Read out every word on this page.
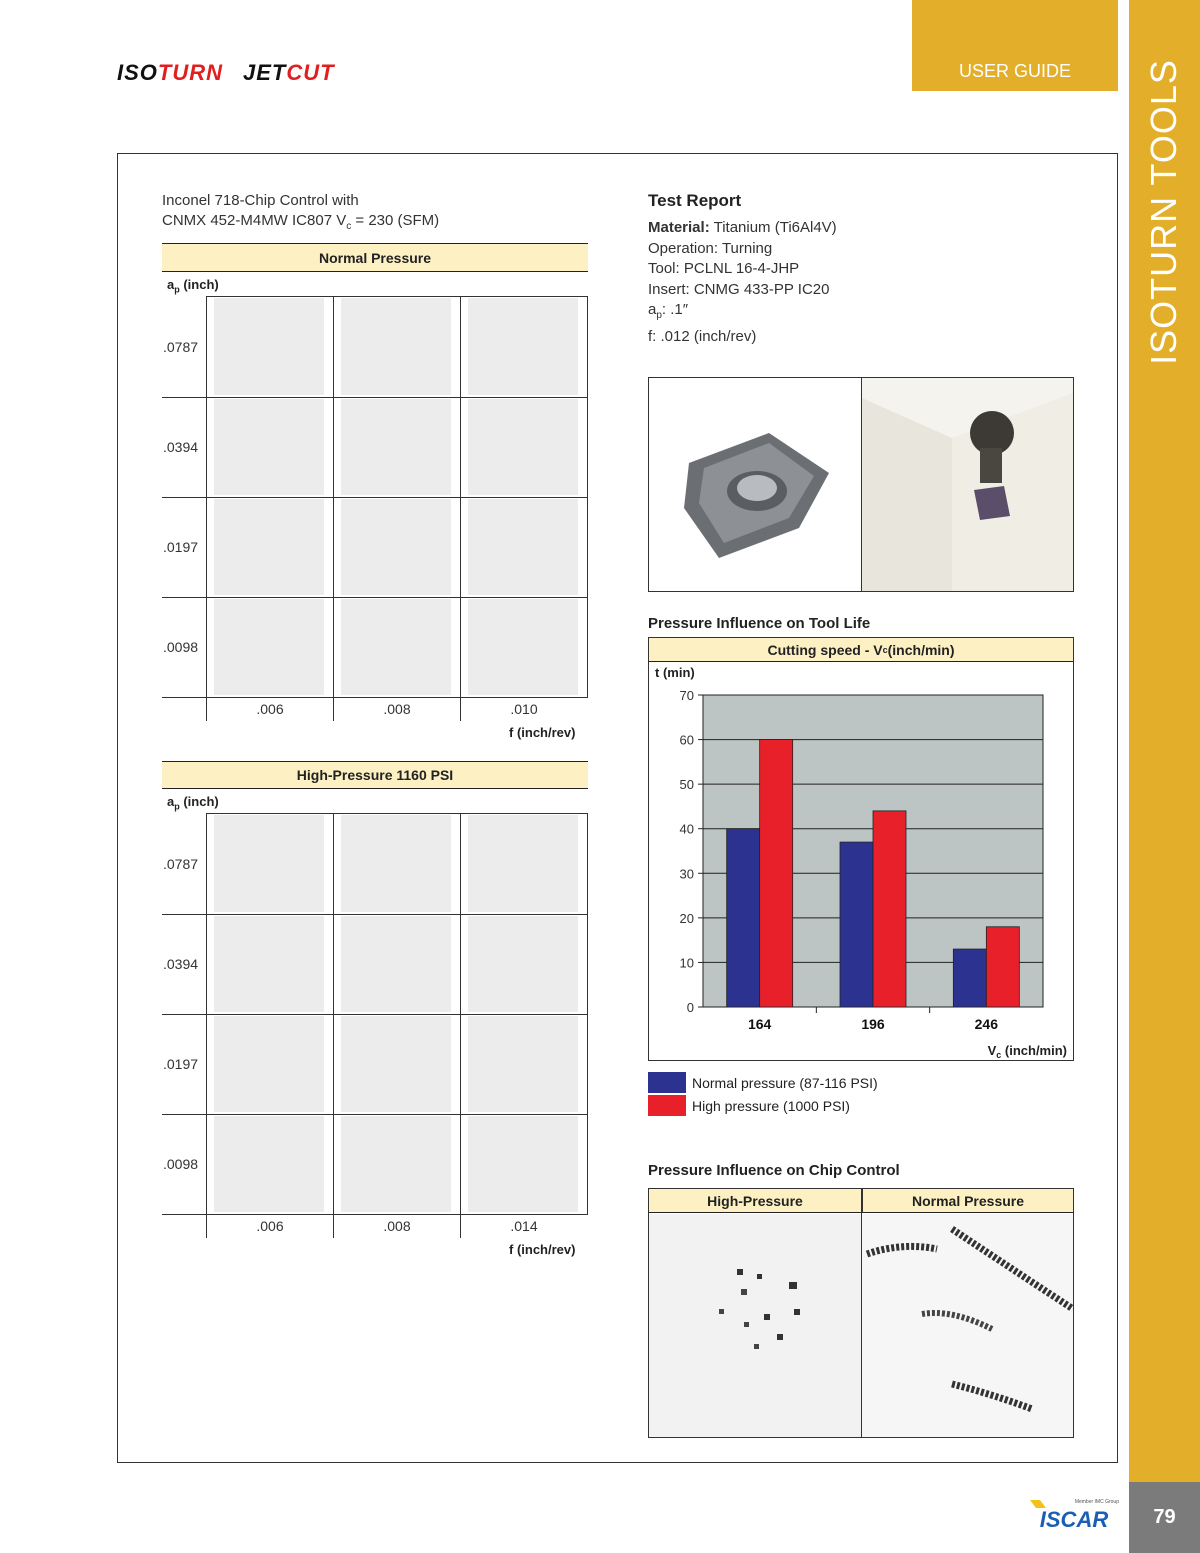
ISOTURN JETCUT	USER GUIDE ISOTURN TOOLS
79
Member IMC Group
ISCAR
Inconel 718-Chip Control with
CNMX 452-M4MW IC807 $V_c = 230$ (SFM)
Normal Pressure
$a_p$ (inch)
.0787
.0394
.0197
.0098
.006	.008	.010
f (inch/rev)
High-Pressure 1160 PSI
$a_p$ (inch)
.0787
.0394
.0197
.0098
.006	.008	.014
f (inch/rev)
Test Report
Material: Titanium (Ti6Al4V)
Operation: Turning
Tool: PCLNL 16-4-JHP
Insert: CNMG 433-PP IC20
$a_p$: .1″
f: .012 (inch/rev)
Pressure Influence on Tool Life
Cutting speed - V c (inch/min)
t (min)
0
10
20
30
40
50
60
70
164	196	246
$V_c$ (inch/min)
Normal pressure (87-116 PSI)
High pressure (1000 PSI)
Pressure Influence on Chip Control
High-Pressure	Normal Pressure
